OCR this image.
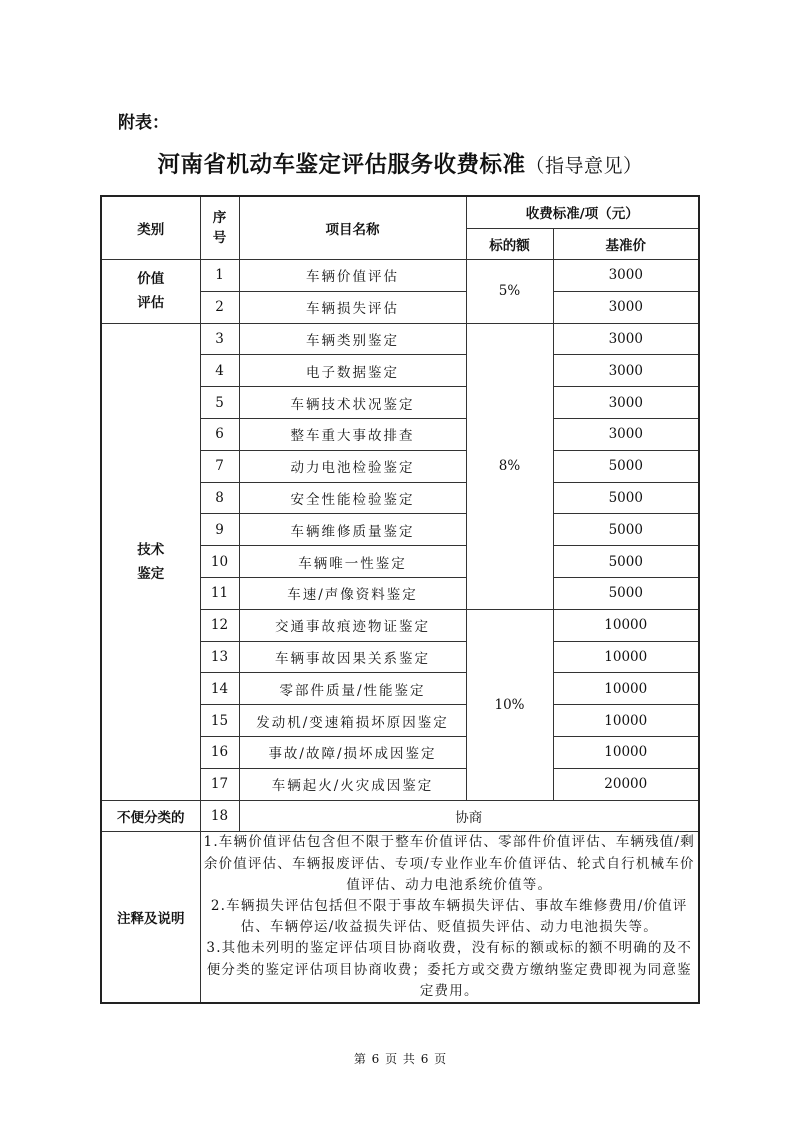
附表：
河南省机动车鉴定评估服务收费标准（指导意见）
类别	序号	项目名称	收费标准/项（元）	
			标的额	基准价

价值
评估	1	车辆价值评估	5%	3000
	2	车辆损失评估		3000

技术
鉴定	3	车辆类别鉴定	8%	3000
	4	电子数据鉴定		3000
	5	车辆技术状况鉴定		3000
	6	整车重大事故排查		3000
	7	动力电池检验鉴定		5000
	8	安全性能检验鉴定		5000
	9	车辆维修质量鉴定		5000
	10	车辆唯一性鉴定		5000
	11	车速/声像资料鉴定		5000
	12	交通事故痕迹物证鉴定	10%	10000
	13	车辆事故因果关系鉴定		10000
	14	零部件质量/性能鉴定		10000
	15	发动机/变速箱损坏原因鉴定		10000
	16	事故/故障/损坏成因鉴定		10000
	17	车辆起火/火灾成因鉴定		20000
不便分类的	18	协商		
注释及说明	1.车辆价值评估包含但不限于整车价值评估、零部件价值评估、车辆残值/剩余价值评估、车辆报废评估、专项/专业作业车价值评估、轮式自行机械车价值评估、动力电池系统价值等。
2.车辆损失评估包括但不限于事故车辆损失评估、事故车维修费用/价值评估、车辆停运/收益损失评估、贬值损失评估、动力电池损失等。
3.其他未列明的鉴定评估项目协商收费，没有标的额或标的额不明确的及不便分类的鉴定评估项目协商收费；委托方或交费方缴纳鉴定费即视为同意鉴定费用。			
第 6 页 共 6 页
